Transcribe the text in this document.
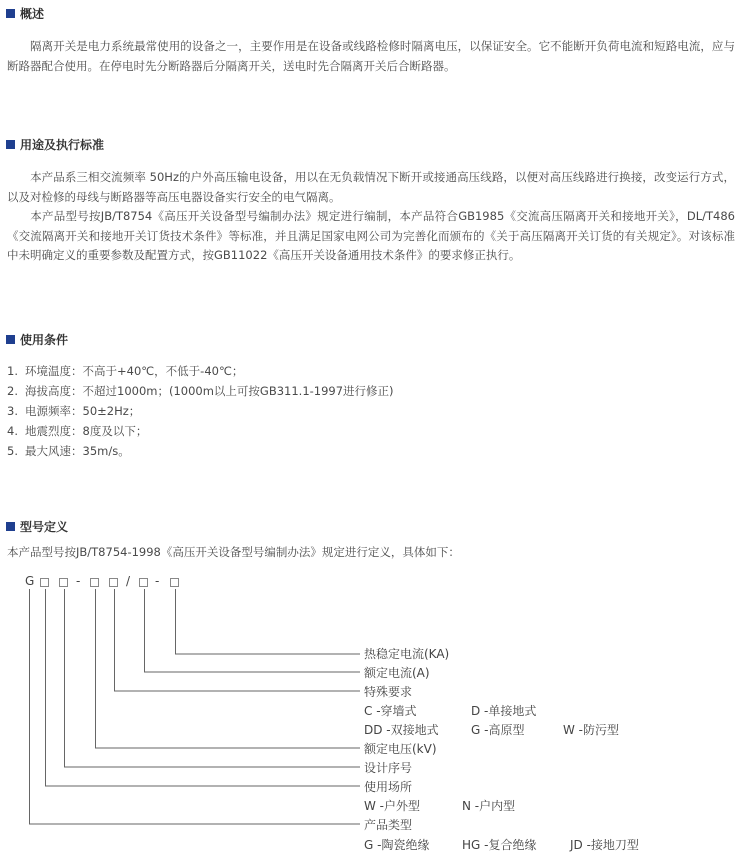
概述

隔离开关是电力系统最常使用的设备之一，主要作用是在设备或线路检修时隔离电压，以保证安全。它不能断开负荷电流和短路电流，应与断路器配合使用。在停电时先分断路器后分隔离开关，送电时先合隔离开关后合断路器。

用途及执行标准

本产品系三相交流频率 50Hz的户外高压输电设备，用以在无负载情况下断开或接通高压线路，以便对高压线路进行换接，改变运行方式，以及对检修的母线与断路器等高压电器设备实行安全的电气隔离。

本产品型号按JB/T8754《高压开关设备型号编制办法》规定进行编制，本产品符合GB1985《交流高压隔离开关和接地开关》，DL/T486《交流隔离开关和接地开关订货技术条件》等标准，并且满足国家电网公司为完善化而颁布的《关于高压隔离开关订货的有关规定》。对该标准中未明确定义的重要参数及配置方式，按GB11022《高压开关设备通用技术条件》的要求修正执行。

使用条件
1. 环境温度：不高于+40℃，不低于-40℃；
2. 海拔高度：不超过1000m；(1000m以上可按GB311.1-1997进行修正)
3. 电源频率：50±2Hz；
4. 地震烈度：8度及以下；
5. 最大风速：35m/s。
型号定义

本产品型号按JB/T8754-1998《高压开关设备型号编制办法》规定进行定义，具体如下：

G	-	/ -
热稳定电流(KA)
额定电流(A)
特殊要求
C -穿墙式	D -单接地式
DD -双接地式	G -高原型	W -防污型
额定电压(kV)
设计序号
使用场所
W -户外型	N -户内型
产品类型
G -陶瓷绝缘	HG -复合绝缘	JD -接地刀型
